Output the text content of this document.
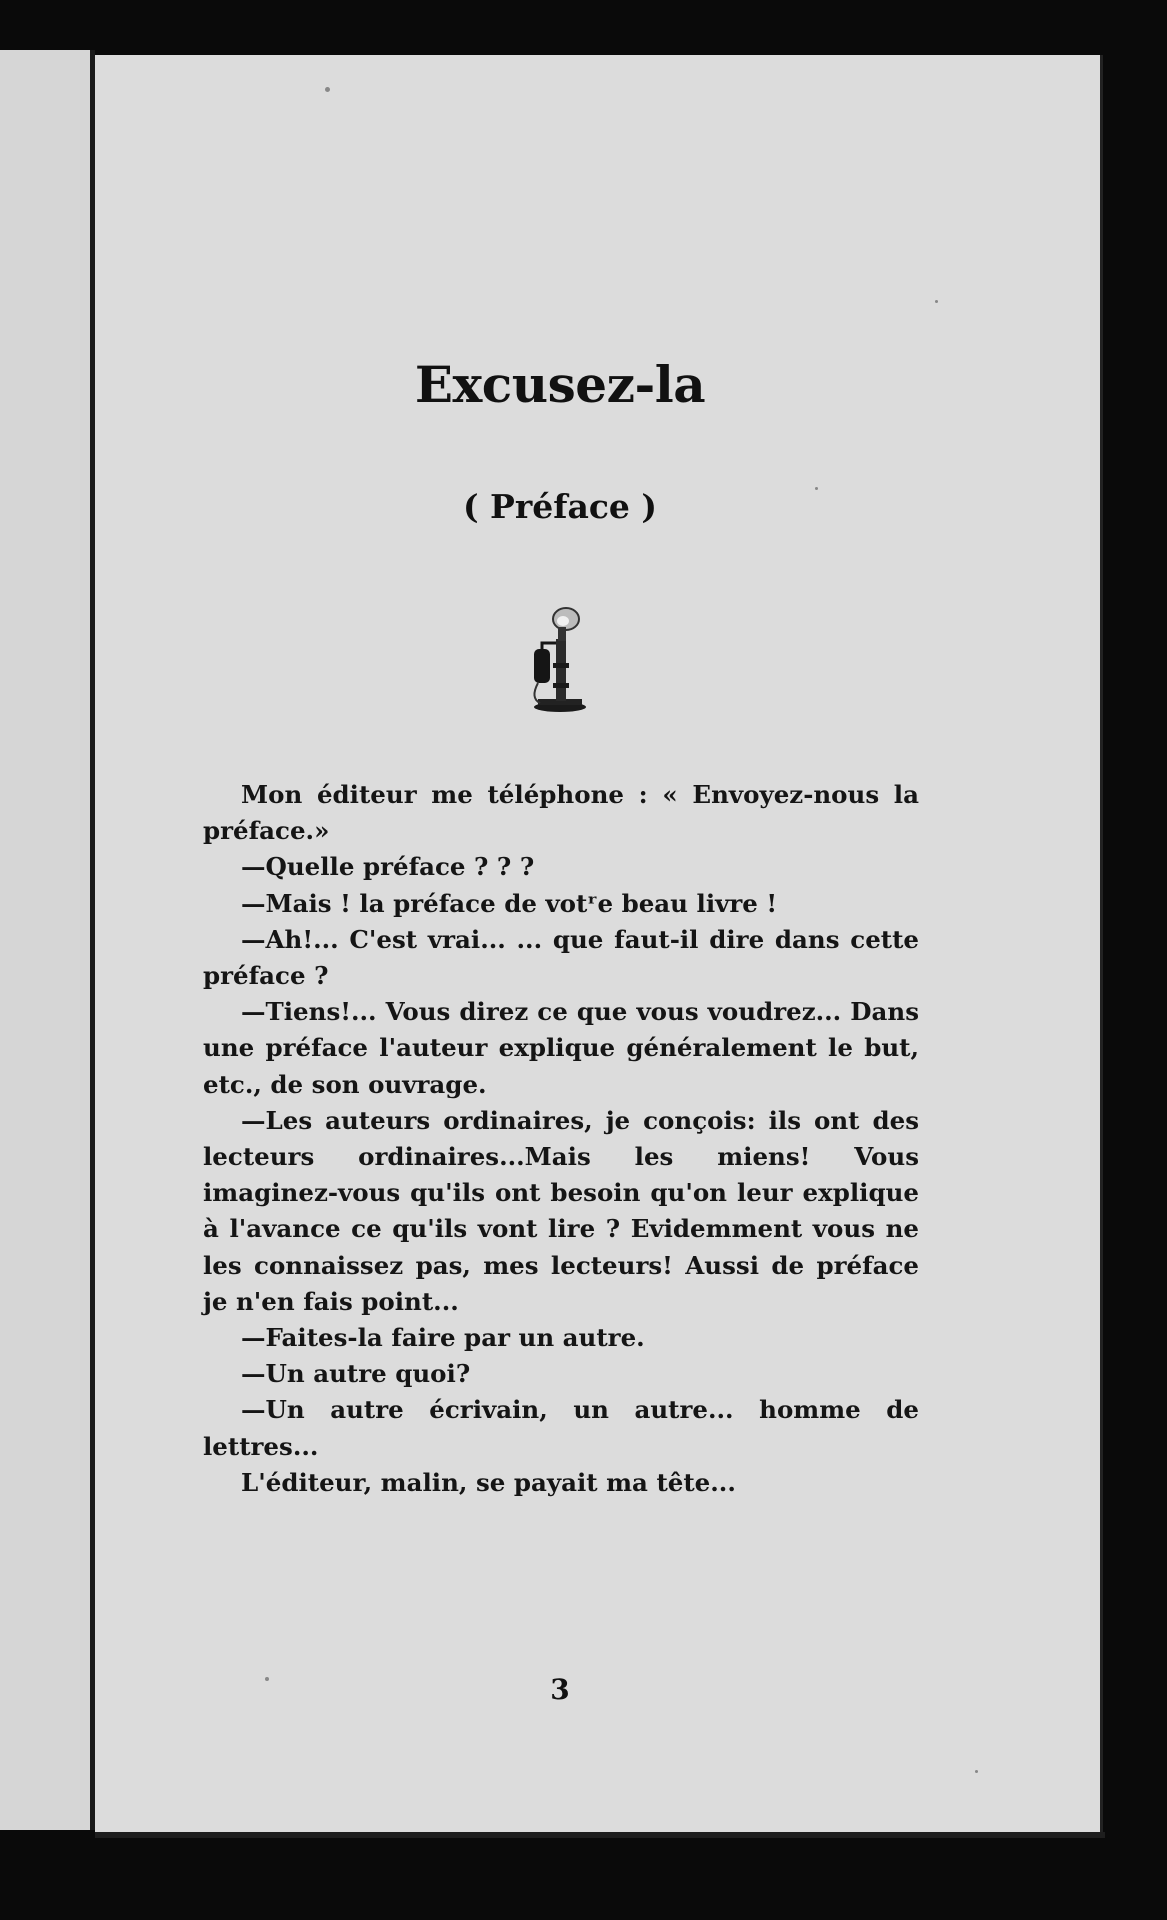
Excusez-la
( Préface )

Mon éditeur me téléphone : « Envoyez-nous la préface.»

—Quelle préface ? ? ?

—Mais ! la préface de votʳe beau livre !

—Ah!... C'est vrai... ... que faut-il dire dans cette préface ?

—Tiens!... Vous direz ce que vous voudrez... Dans une préface l'auteur explique généralement le but, etc., de son ouvrage.

—Les auteurs ordinaires, je conçois: ils ont des lecteurs ordinaires...Mais les miens! Vous imaginez-vous qu'ils ont besoin qu'on leur explique à l'avance ce qu'ils vont lire ? Evidemment vous ne les connaissez pas, mes lecteurs! Aussi de préface je n'en fais point...

—Faites-la faire par un autre.

—Un autre quoi?

—Un autre écrivain, un autre... homme de lettres...

L'éditeur, malin, se payait ma tête...

3
